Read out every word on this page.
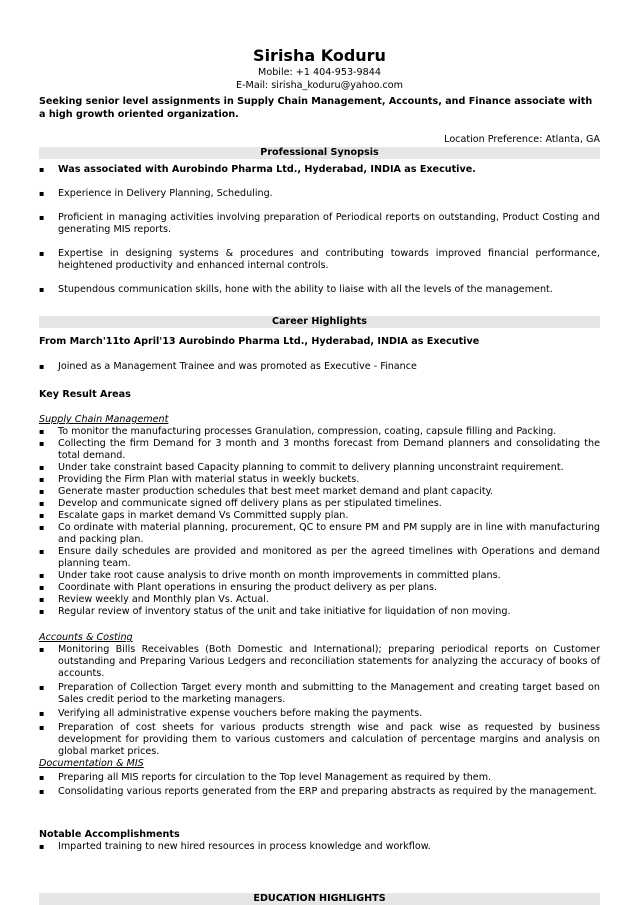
Sirisha Koduru
Mobile: +1 404-953-9844
E-Mail: sirisha_koduru@yahoo.com
Seeking senior level assignments in Supply Chain Management, Accounts, and Finance associate with a high growth oriented organization.
Location Preference: Atlanta, GA
Professional Synopsis
▪ Was associated with Aurobindo Pharma Ltd., Hyderabad, INDIA as Executive.
▪ Experience in Delivery Planning, Scheduling.
▪ Proficient in managing activities involving preparation of Periodical reports on outstanding, Product Costing and generating MIS reports.
▪ Expertise in designing systems & procedures and contributing towards improved financial performance, heightened productivity and enhanced internal controls.
▪ Stupendous communication skills, hone with the ability to liaise with all the levels of the management.
Career Highlights
From March'11to April'13 Aurobindo Pharma Ltd., Hyderabad, INDIA as Executive
▪ Joined as a Management Trainee and was promoted as Executive - Finance
Key Result Areas
Supply Chain Management
▪ To monitor the manufacturing processes Granulation, compression, coating, capsule filling and Packing.
▪ Collecting the firm Demand for 3 month and 3 months forecast from Demand planners and consolidating the total demand.
▪ Under take constraint based Capacity planning to commit to delivery planning unconstraint requirement.
▪ Providing the Firm Plan with material status in weekly buckets.
▪ Generate master production schedules that best meet market demand and plant capacity.
▪ Develop and communicate signed off delivery plans as per stipulated timelines.
▪ Escalate gaps in market demand Vs Committed supply plan.
▪ Co ordinate with material planning, procurement, QC to ensure PM and PM supply are in line with manufacturing and packing plan.
▪ Ensure daily schedules are provided and monitored as per the agreed timelines with Operations and demand planning team.
▪ Under take root cause analysis to drive month on month improvements in committed plans.
▪ Coordinate with Plant operations in ensuring the product delivery as per plans.
▪ Review weekly and Monthly plan Vs. Actual.
▪ Regular review of inventory status of the unit and take initiative for liquidation of non moving.
Accounts & Costing
▪ Monitoring Bills Receivables (Both Domestic and International); preparing periodical reports on Customer outstanding and Preparing Various Ledgers and reconciliation statements for analyzing the accuracy of books of accounts.
▪ Preparation of Collection Target every month and submitting to the Management and creating target based on Sales credit period to the marketing managers.
▪ Verifying all administrative expense vouchers before making the payments.
▪ Preparation of cost sheets for various products strength wise and pack wise as requested by business development for providing them to various customers and calculation of percentage margins and analysis on global market prices.
Documentation & MIS
▪ Preparing all MIS reports for circulation to the Top level Management as required by them.
▪ Consolidating various reports generated from the ERP and preparing abstracts as required by the management.
Notable Accomplishments
▪ Imparted training to new hired resources in process knowledge and workflow.
EDUCATION HIGHLIGHTS
